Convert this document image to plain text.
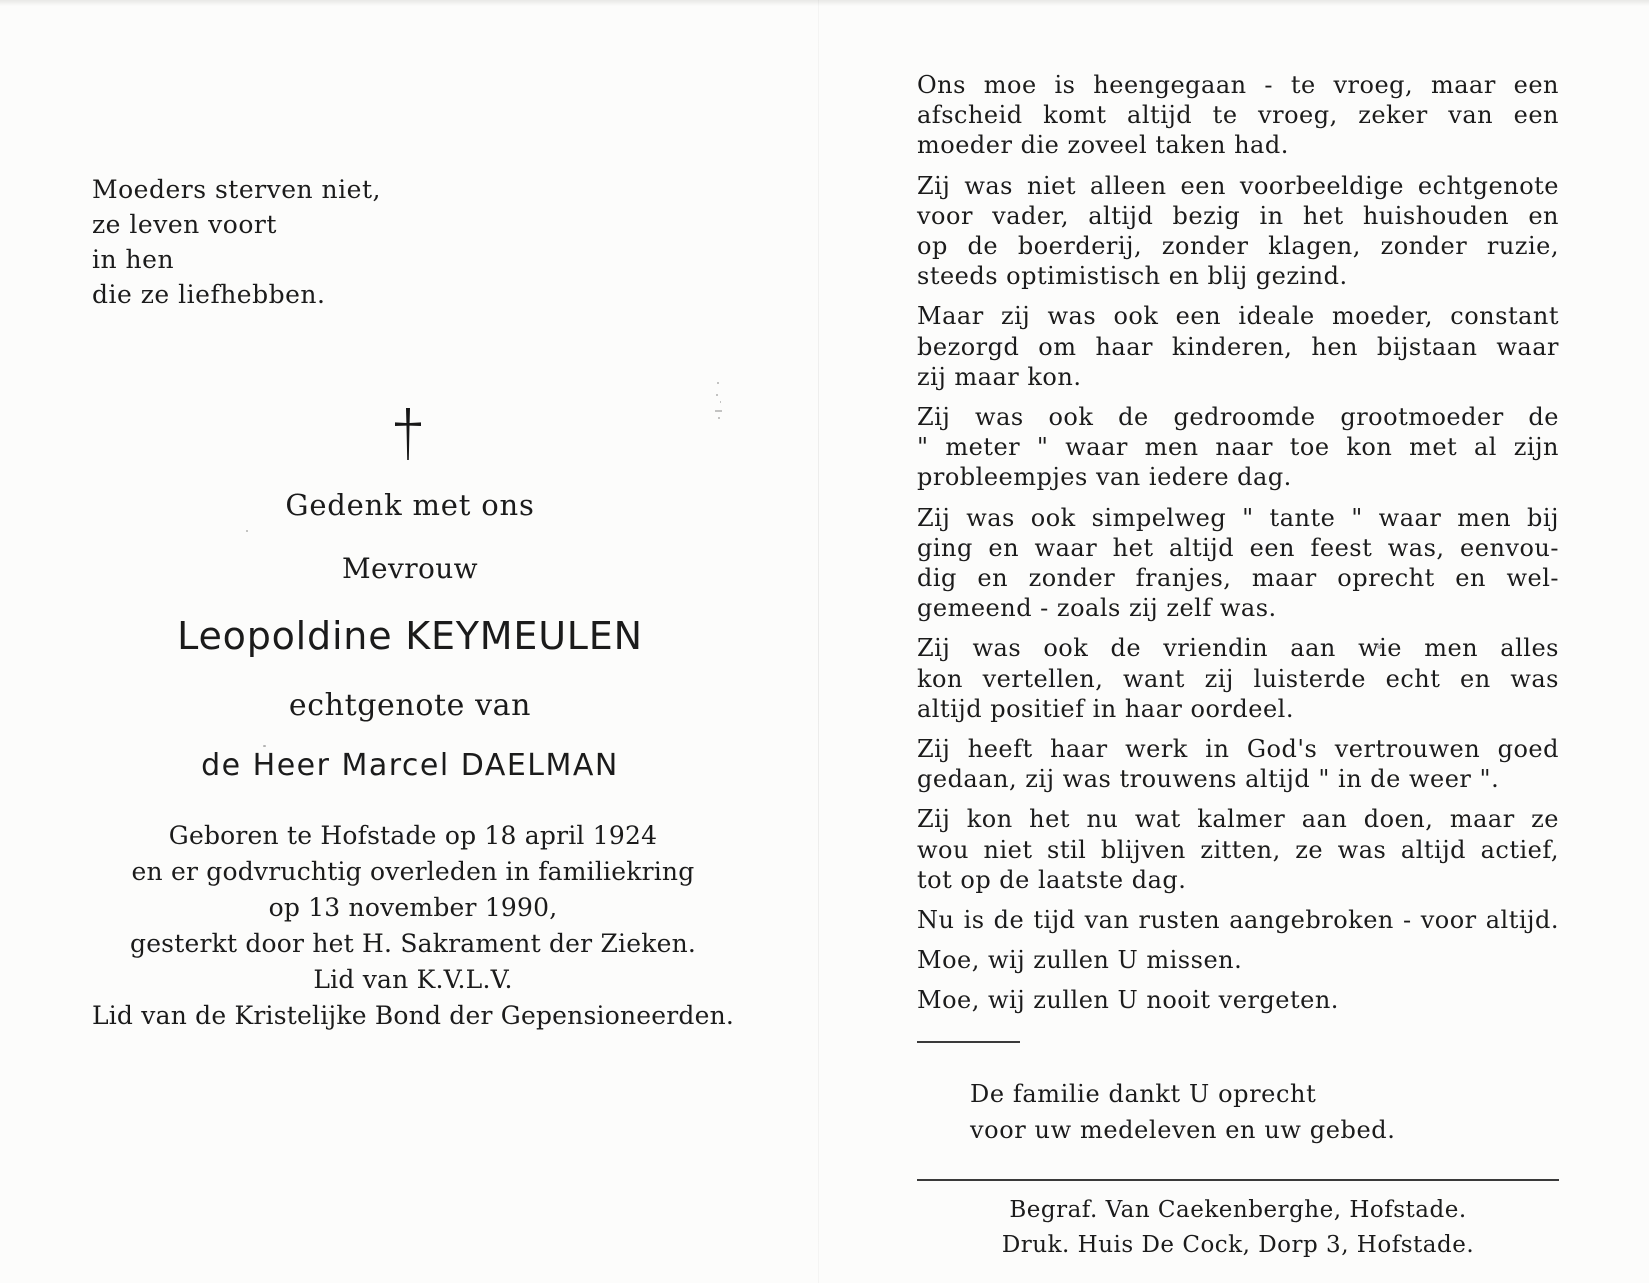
Moeders sterven niet,
ze leven voort
in hen
die ze liefhebben.
Gedenk met ons
Mevrouw
Leopoldine KEYMEULEN
echtgenote van
de Heer Marcel DAELMAN
Geboren te Hofstade op 18 april 1924
en er godvruchtig overleden in familiekring
op 13 november 1990,
gesterkt door het H. Sakrament der Zieken.
Lid van K.V.L.V.
Lid van de Kristelijke Bond der Gepensioneerden.
Ons moe is heengegaan - te vroeg, maar een
afscheid komt altijd te vroeg, zeker van een
moeder die zoveel taken had.
Zij was niet alleen een voorbeeldige echtgenote
voor vader, altijd bezig in het huishouden en
op de boerderij, zonder klagen, zonder ruzie,
steeds optimistisch en blij gezind.
Maar zij was ook een ideale moeder, constant
bezorgd om haar kinderen, hen bijstaan waar
zij maar kon.
Zij was ook de gedroomde grootmoeder de
" meter " waar men naar toe kon met al zijn
probleempjes van iedere dag.
Zij was ook simpelweg " tante " waar men bij
ging en waar het altijd een feest was, eenvou-
dig en zonder franjes, maar oprecht en wel-
gemeend - zoals zij zelf was.
Zij was ook de vriendin aan wie men alles
kon vertellen, want zij luisterde echt en was
altijd positief in haar oordeel.
Zij heeft haar werk in God's vertrouwen goed
gedaan, zij was trouwens altijd " in de weer ".
Zij kon het nu wat kalmer aan doen, maar ze
wou niet stil blijven zitten, ze was altijd actief,
tot op de laatste dag.
Nu is de tijd van rusten aangebroken - voor altijd.
Moe, wij zullen U missen.
Moe, wij zullen U nooit vergeten.
De familie dankt U oprecht
voor uw medeleven en uw gebed.
Begraf. Van Caekenberghe, Hofstade.
Druk. Huis De Cock, Dorp 3, Hofstade.
